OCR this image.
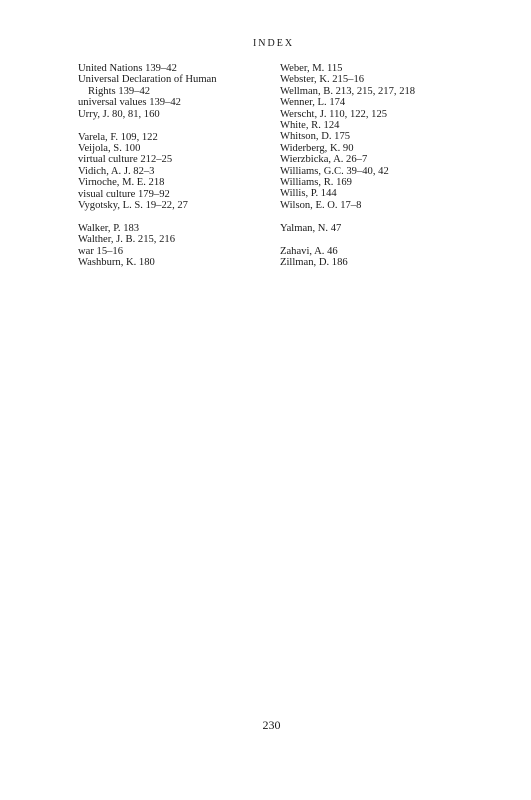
INDEX
United Nations 139–42
Universal Declaration of Human
Rights 139–42
universal values 139–42
Urry, J. 80, 81, 160
Varela, F. 109, 122
Veijola, S. 100
virtual culture 212–25
Vidich, A. J. 82–3
Virnoche, M. E. 218
visual culture 179–92
Vygotsky, L. S. 19–22, 27
Walker, P. 183
Walther, J. B. 215, 216
war 15–16
Washburn, K. 180
Weber, M. 115
Webster, K. 215–16
Wellman, B. 213, 215, 217, 218
Wenner, L. 174
Werscht, J. 110, 122, 125
White, R. 124
Whitson, D. 175
Widerberg, K. 90
Wierzbicka, A. 26–7
Williams, G.C. 39–40, 42
Williams, R. 169
Willis, P. 144
Wilson, E. O. 17–8
Yalman, N. 47
Zahavi, A. 46
Zillman, D. 186
230
